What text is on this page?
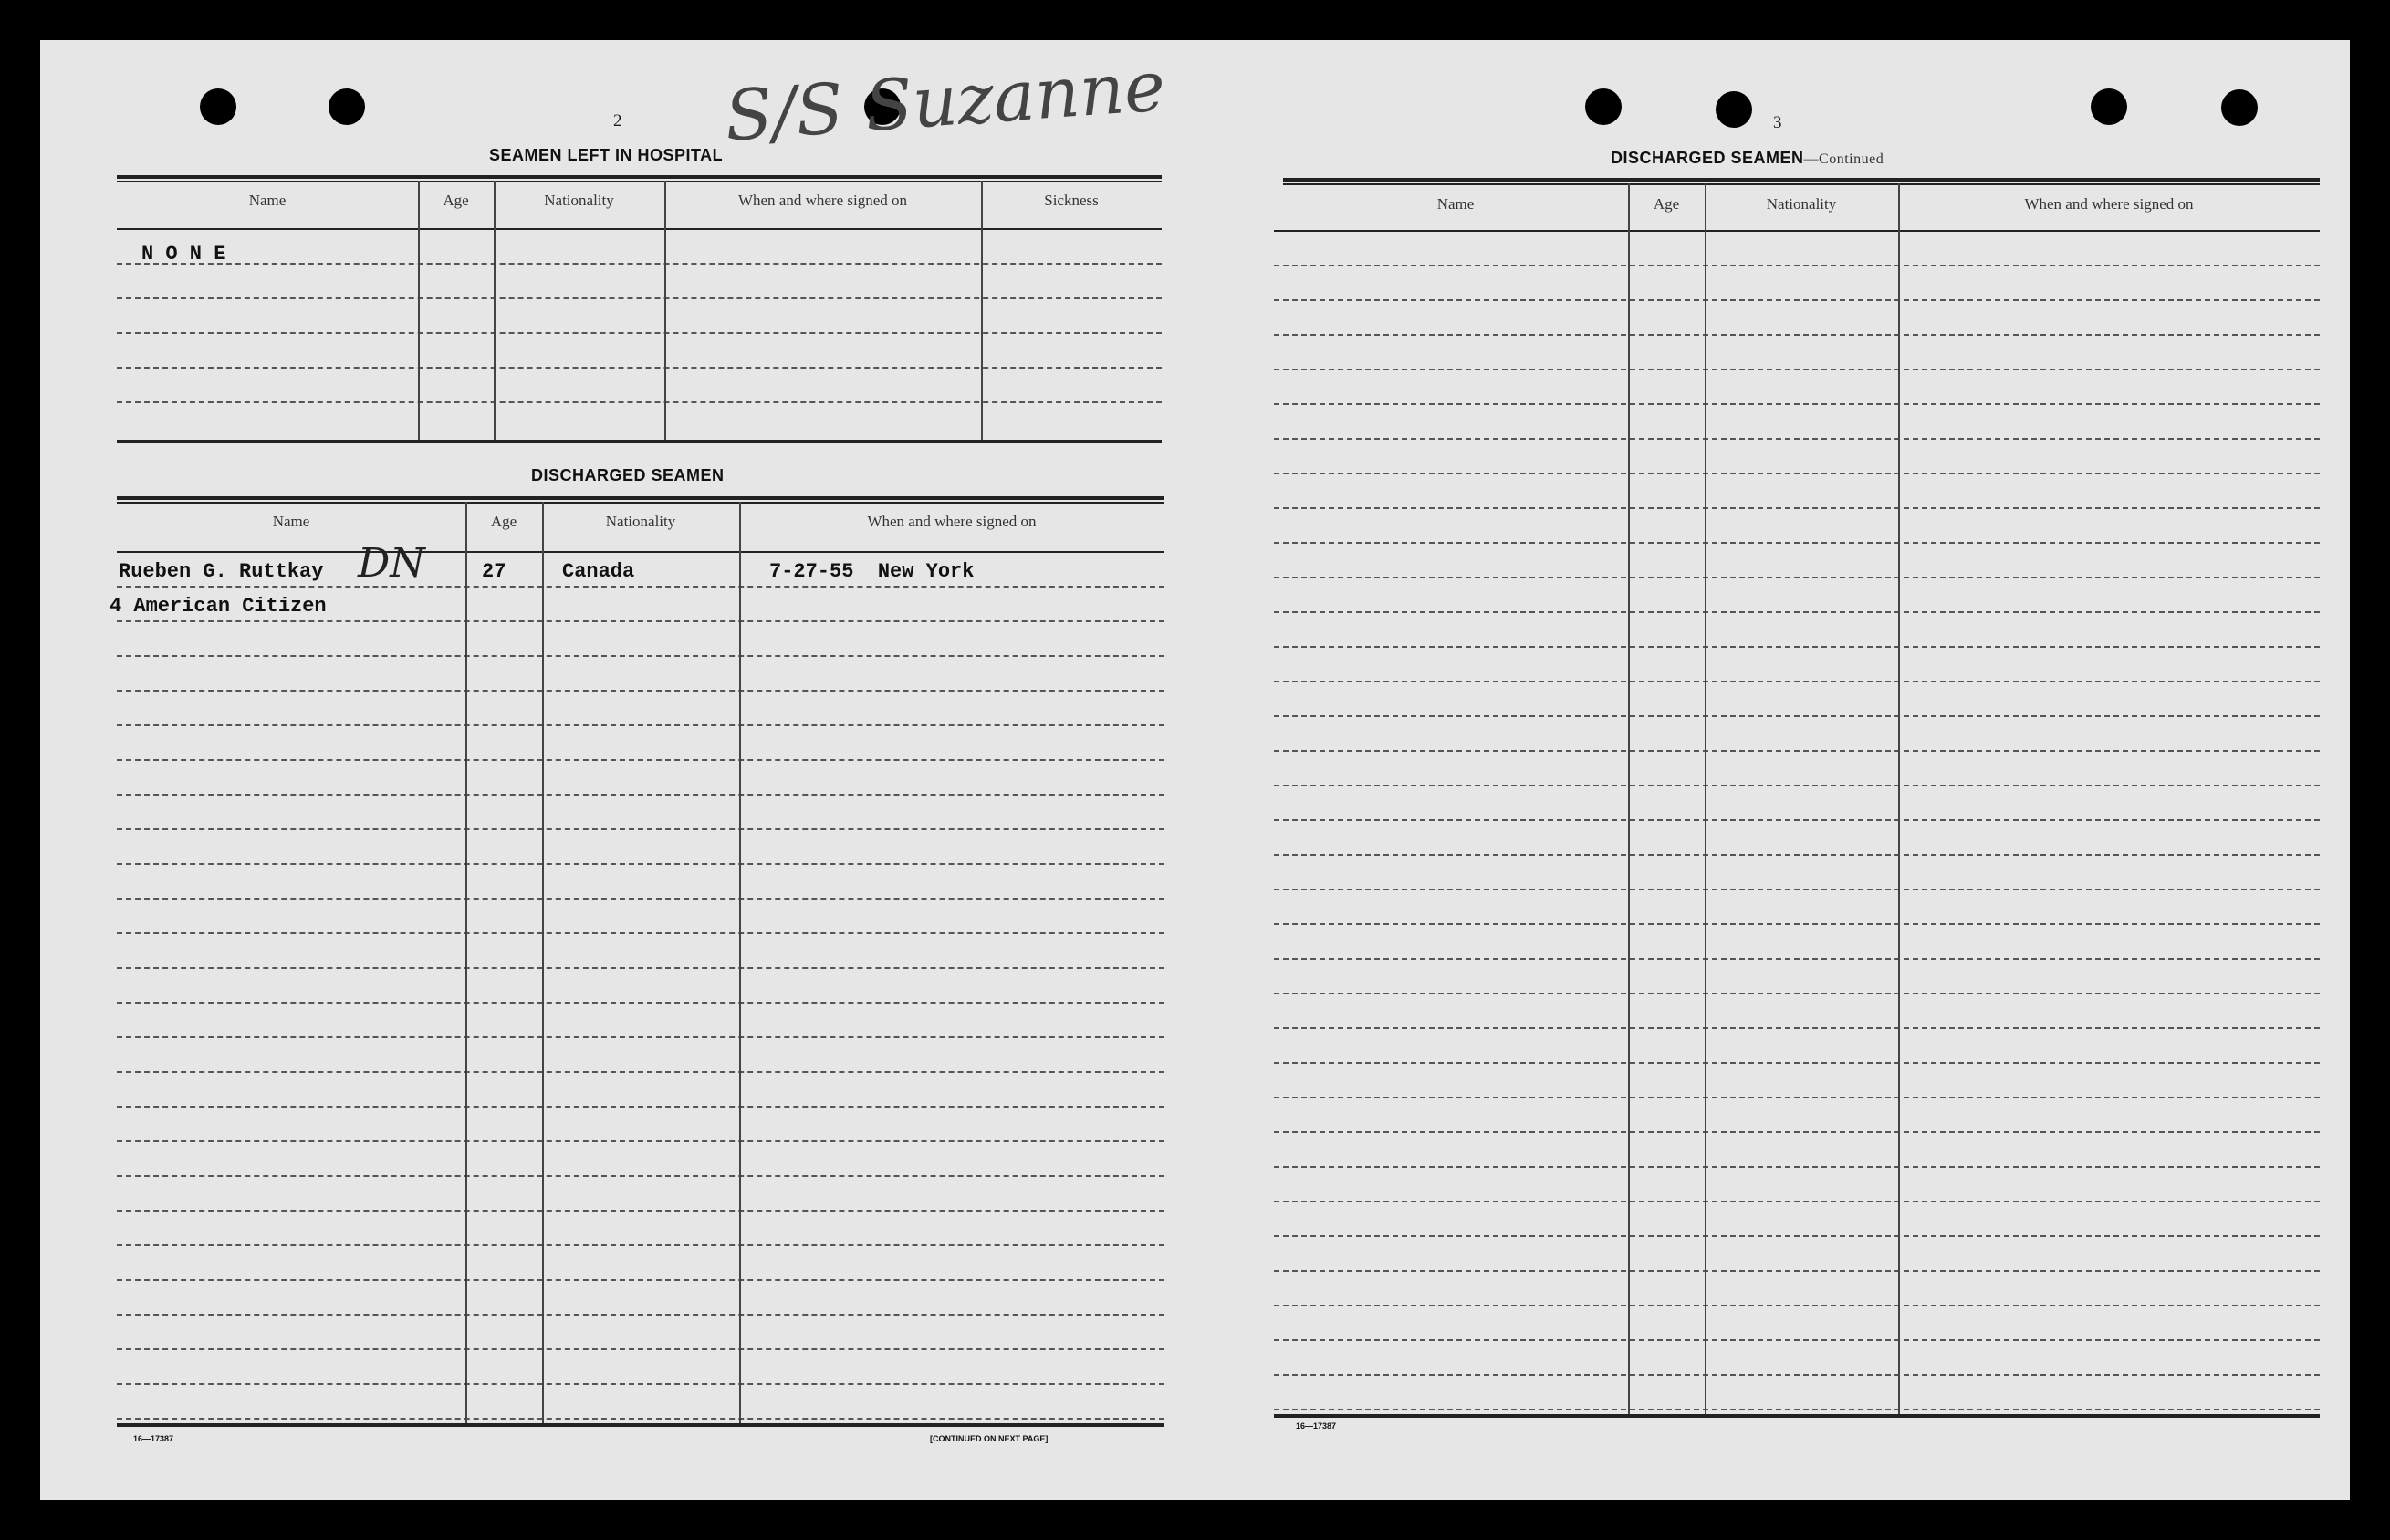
S/S Suzanne
2
SEAMEN LEFT IN HOSPITAL
Name	Age	Nationality	When and where signed on	Sickness
N O N E
DISCHARGED SEAMEN
Name	Age	Nationality	When and where signed on
Rueben G. Ruttkay DN	27	Canada	7-27-55  New York
4 American Citizen
16—17387	[CONTINUED ON NEXT PAGE]
3
DISCHARGED SEAMEN—Continued
Name	Age	Nationality	When and where signed on
16—17387
